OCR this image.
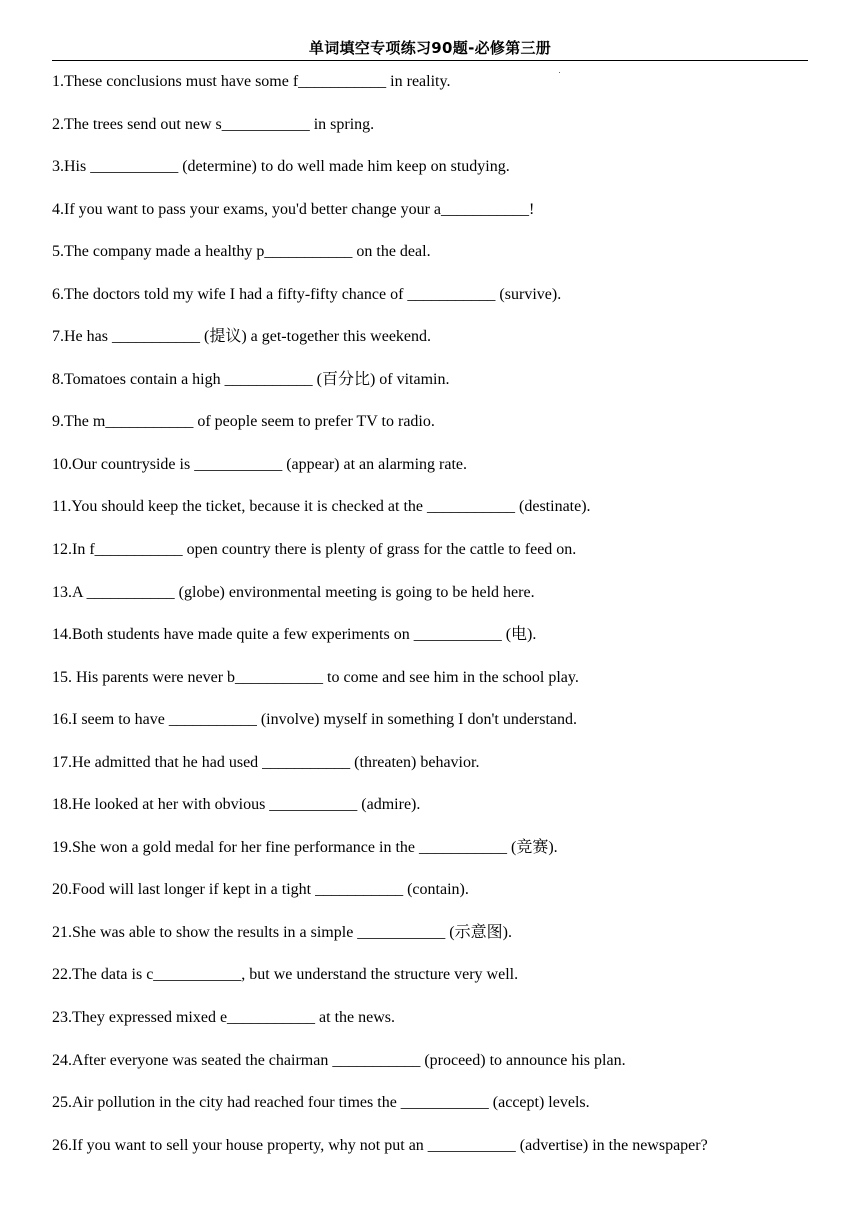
单词填空专项练习90题-必修第三册
1.These conclusions must have some f___________ in reality.
2.The trees send out new s___________ in spring.
3.His ___________ (determine) to do well made him keep on studying.
4.If you want to pass your exams, you'd better change your a___________!
5.The company made a healthy p___________ on the deal.
6.The doctors told my wife I had a fifty-fifty chance of ___________ (survive).
7.He has ___________ (提议) a get-together this weekend.
8.Tomatoes contain a high ___________ (百分比) of vitamin.
9.The m___________ of people seem to prefer TV to radio.
10.Our countryside is ___________ (appear) at an alarming rate.
11.You should keep the ticket, because it is checked at the ___________ (destinate).
12.In f___________ open country there is plenty of grass for the cattle to feed on.
13.A ___________ (globe) environmental meeting is going to be held here.
14.Both students have made quite a few experiments on ___________ (电).
15. His parents were never b___________ to come and see him in the school play.
16.I seem to have ___________ (involve) myself in something I don't understand.
17.He admitted that he had used ___________ (threaten) behavior.
18.He looked at her with obvious ___________ (admire).
19.She won a gold medal for her fine performance in the ___________ (竞赛).
20.Food will last longer if kept in a tight ___________ (contain).
21.She was able to show the results in a simple ___________ (示意图).
22.The data is c___________, but we understand the structure very well.
23.They expressed mixed e___________ at the news.
24.After everyone was seated the chairman ___________ (proceed) to announce his plan.
25.Air pollution in the city had reached four times the ___________ (accept) levels.
26.If you want to sell your house property, why not put an ___________ (advertise) in the newspaper?
